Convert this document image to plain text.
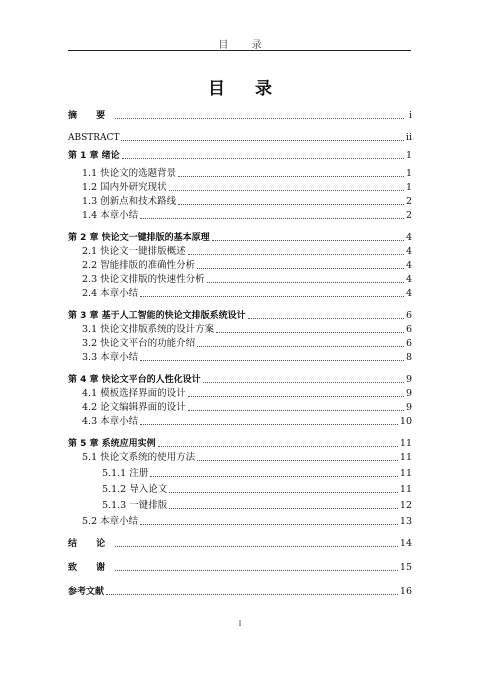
目 录
目 录
摘 要	i
ABSTRACT	ii
第 1 章 绪论	1
1.1 快论文的选题背景	1
1.2 国内外研究现状	1
1.3 创新点和技术路线	2
1.4 本章小结	2
第 2 章 快论文一键排版的基本原理	4
2.1 快论文一键排版概述	4
2.2 智能排版的准确性分析	4
2.3 快论文排版的快速性分析	4
2.4 本章小结	4
第 3 章 基于人工智能的快论文排版系统设计	6
3.1 快论文排版系统的设计方案	6
3.2 快论文平台的功能介绍	6
3.3 本章小结	8
第 4 章 快论文平台的人性化设计	9
4.1 模板选择界面的设计	9
4.2 论文编辑界面的设计	9
4.3 本章小结	10
第 5 章 系统应用实例	11
5.1 快论文系统的使用方法	11
5.1.1 注册	11
5.1.2 导入论文	11
5.1.3 一键排版	12
5.2 本章小结	13
结 论	14
致 谢	15
参考文献	16
I
